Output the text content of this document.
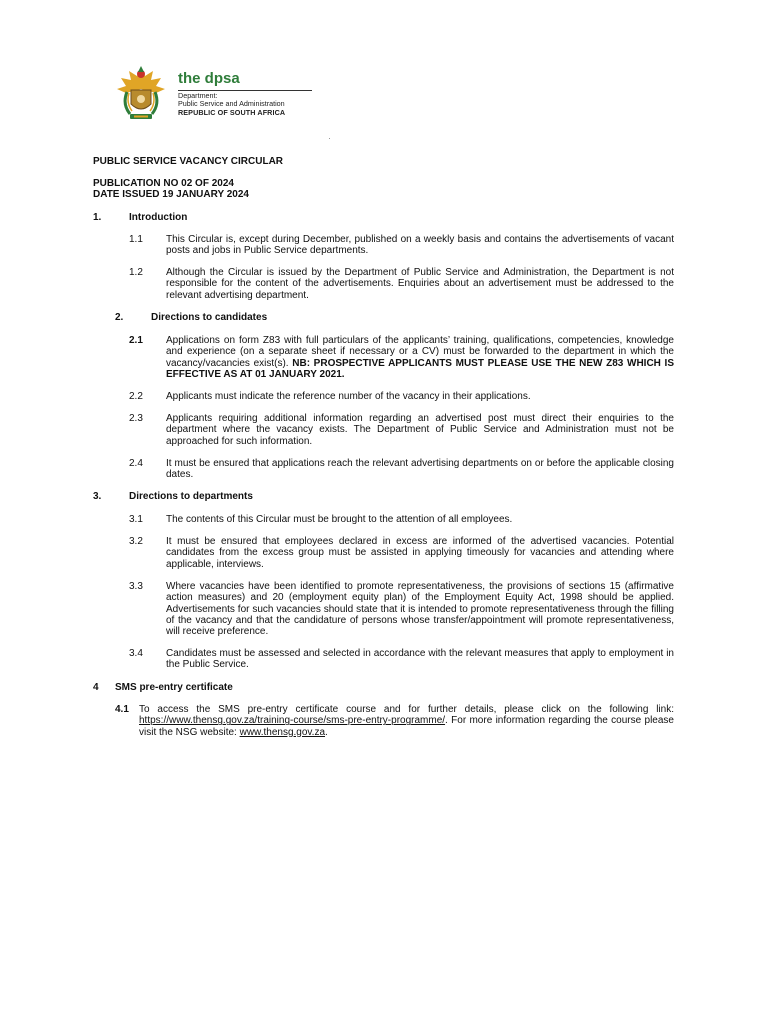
the dpsa
Department:
Public Service and Administration
REPUBLIC OF SOUTH AFRICA
PUBLIC SERVICE VACANCY CIRCULAR
PUBLICATION NO 02 OF 2024
DATE ISSUED 19 JANUARY 2024
1.	Introduction
1.1 This Circular is, except during December, published on a weekly basis and contains the advertisements of vacant posts and jobs in Public Service departments.
1.2 Although the Circular is issued by the Department of Public Service and Administration, the Department is not responsible for the content of the advertisements. Enquiries about an advertisement must be addressed to the relevant advertising department.
2.	Directions to candidates
2.1 Applications on form Z83 with full particulars of the applicants’ training, qualifications, competencies, knowledge and experience (on a separate sheet if necessary or a CV) must be forwarded to the department in which the vacancy/vacancies exist(s). NB: PROSPECTIVE APPLICANTS MUST PLEASE USE THE NEW Z83 WHICH IS EFFECTIVE AS AT 01 JANUARY 2021.
2.2 Applicants must indicate the reference number of the vacancy in their applications.
2.3 Applicants requiring additional information regarding an advertised post must direct their enquiries to the department where the vacancy exists. The Department of Public Service and Administration must not be approached for such information.
2.4 It must be ensured that applications reach the relevant advertising departments on or before the applicable closing dates.
3.	Directions to departments
3.1 The contents of this Circular must be brought to the attention of all employees.
3.2 It must be ensured that employees declared in excess are informed of the advertised vacancies. Potential candidates from the excess group must be assisted in applying timeously for vacancies and attending where applicable, interviews.
3.3 Where vacancies have been identified to promote representativeness, the provisions of sections 15 (affirmative action measures) and 20 (employment equity plan) of the Employment Equity Act, 1998 should be applied. Advertisements for such vacancies should state that it is intended to promote representativeness through the filling of the vacancy and that the candidature of persons whose transfer/appointment will promote representativeness, will receive preference.
3.4 Candidates must be assessed and selected in accordance with the relevant measures that apply to employment in the Public Service.
4 SMS pre-entry certificate
4.1 To access the SMS pre-entry certificate course and for further details, please click on the following link: https://www.thensg.gov.za/training-course/sms-pre-entry-programme/. For more information regarding the course please visit the NSG website: www.thensg.gov.za.
